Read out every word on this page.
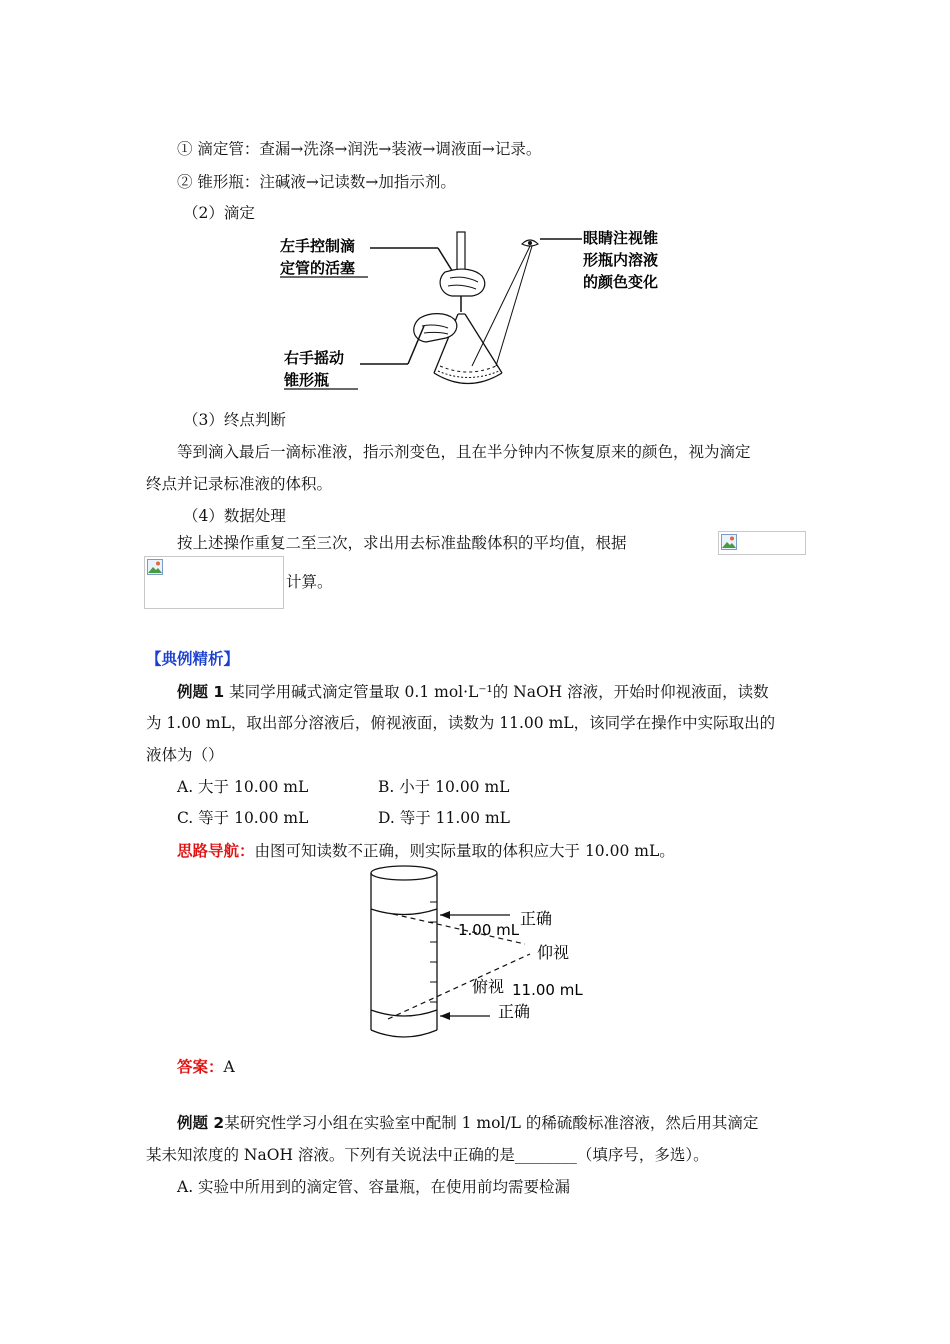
① 滴定管：查漏→洗涤→润洗→装液→调液面→记录。
② 锥形瓶：注碱液→记读数→加指示剂。
（2）滴定
左手控制滴
定管的活塞
右手摇动
锥形瓶
眼睛注视锥
形瓶内溶液
的颜色变化
（3）终点判断
等到滴入最后一滴标准液，指示剂变色，且在半分钟内不恢复原来的颜色，视为滴定
终点并记录标准液的体积。
（4）数据处理
按上述操作重复二至三次，求出用去标准盐酸体积的平均值，根据
计算。
【典例精析】
例题 1 某同学用碱式滴定管量取 0.1 mol·L⁻¹的 NaOH 溶液，开始时仰视液面，读数
为 1.00 mL，取出部分溶液后，俯视液面，读数为 11.00 mL，该同学在操作中实际取出的
液体为（）
A. 大于 10.00 mL	B. 小于 10.00 mL
C. 等于 10.00 mL	D. 等于 11.00 mL
思路导航：由图可知读数不正确，则实际量取的体积应大于 10.00 mL。
1.00 mL
正确
仰视
俯视 11.00 mL
正确
答案：A
例题 2某研究性学习小组在实验室中配制 1 mol/L 的稀硫酸标准溶液，然后用其滴定
某未知浓度的 NaOH 溶液。下列有关说法中正确的是________（填序号，多选）。
A. 实验中所用到的滴定管、容量瓶，在使用前均需要检漏
